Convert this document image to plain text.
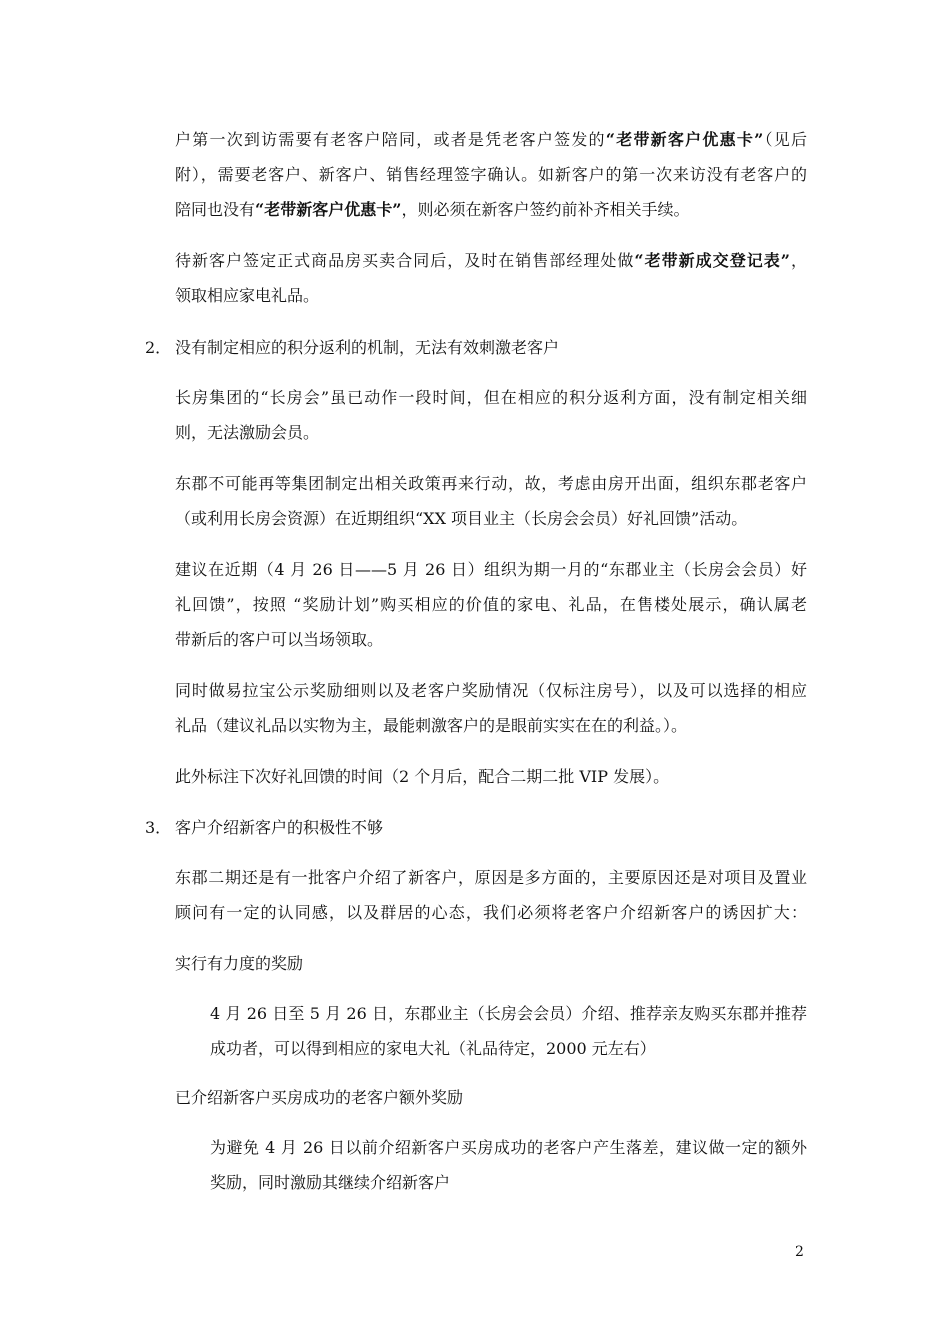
户第一次到访需要有老客户陪同，或者是凭老客户签发的“老带新客户优惠卡”（见后

附），需要老客户、新客户、销售经理签字确认。如新客户的第一次来访没有老客户的

陪同也没有“老带新客户优惠卡”，则必须在新客户签约前补齐相关手续。

待新客户签定正式商品房买卖合同后，及时在销售部经理处做“老带新成交登记表”，

领取相应家电礼品。

2． 没有制定相应的积分返利的机制，无法有效刺激老客户

长房集团的“长房会”虽已动作一段时间，但在相应的积分返利方面，没有制定相关细

则，无法激励会员。

东郡不可能再等集团制定出相关政策再来行动，故，考虑由房开出面，组织东郡老客户

（或利用长房会资源）在近期组织“XX 项目业主（长房会会员）好礼回馈”活动。

建议在近期（4 月 26 日——5 月 26 日）组织为期一月的“东郡业主（长房会会员）好

礼回馈”，按照 “奖励计划”购买相应的价值的家电、礼品，在售楼处展示，确认属老

带新后的客户可以当场领取。

同时做易拉宝公示奖励细则以及老客户奖励情况（仅标注房号），以及可以选择的相应

礼品（建议礼品以实物为主，最能刺激客户的是眼前实实在在的利益。）。

此外标注下次好礼回馈的时间（2 个月后，配合二期二批 VIP 发展）。

3． 客户介绍新客户的积极性不够

东郡二期还是有一批客户介绍了新客户，原因是多方面的，主要原因还是对项目及置业

顾问有一定的认同感，以及群居的心态，我们必须将老客户介绍新客户的诱因扩大：

实行有力度的奖励

4 月 26 日至 5 月 26 日，东郡业主（长房会会员）介绍、推荐亲友购买东郡并推荐

成功者，可以得到相应的家电大礼（礼品待定，2000 元左右）

已介绍新客户买房成功的老客户额外奖励

为避免 4 月 26 日以前介绍新客户买房成功的老客户产生落差，建议做一定的额外

奖励，同时激励其继续介绍新客户

2
